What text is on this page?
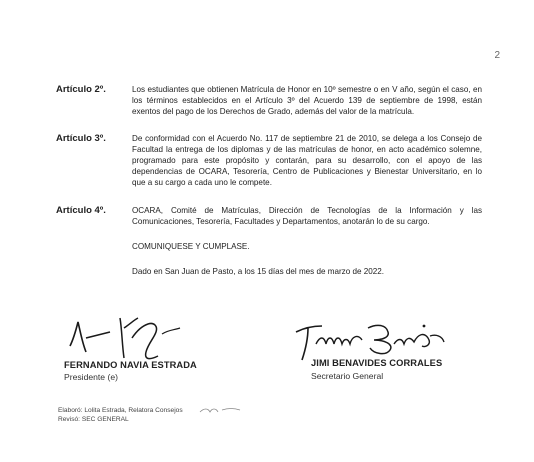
2
Artículo 2º.	Los estudiantes que obtienen Matrícula de Honor en 10º semestre o en V año, según el caso, en los términos establecidos en el Artículo 3º del Acuerdo 139 de septiembre de 1998, están exentos del pago de los Derechos de Grado, además del valor de la matrícula.
Artículo 3º.	De conformidad con el Acuerdo No. 117 de septiembre 21 de 2010, se delega a los Consejo de Facultad la entrega de los diplomas y de las matrículas de honor, en acto académico solemne, programado para este propósito y contarán, para su desarrollo, con el apoyo de las dependencias de OCARA, Tesorería, Centro de Publicaciones y Bienestar Universitario, en lo que a su cargo a cada uno le compete.
Artículo 4º.	OCARA, Comité de Matrículas, Dirección de Tecnologías de la Información y las Comunicaciones, Tesorería, Facultades y Departamentos, anotarán lo de su cargo.
COMUNIQUESE Y CUMPLASE.
Dado en San Juan de Pasto, a los 15 días del mes de marzo de 2022.
FERNANDO NAVIA ESTRADA
Presidente (e)
JIMI BENAVIDES CORRALES
Secretario General
Elaboró: Lolita Estrada, Relatora Consejos
Revisó: SEC GENERAL
